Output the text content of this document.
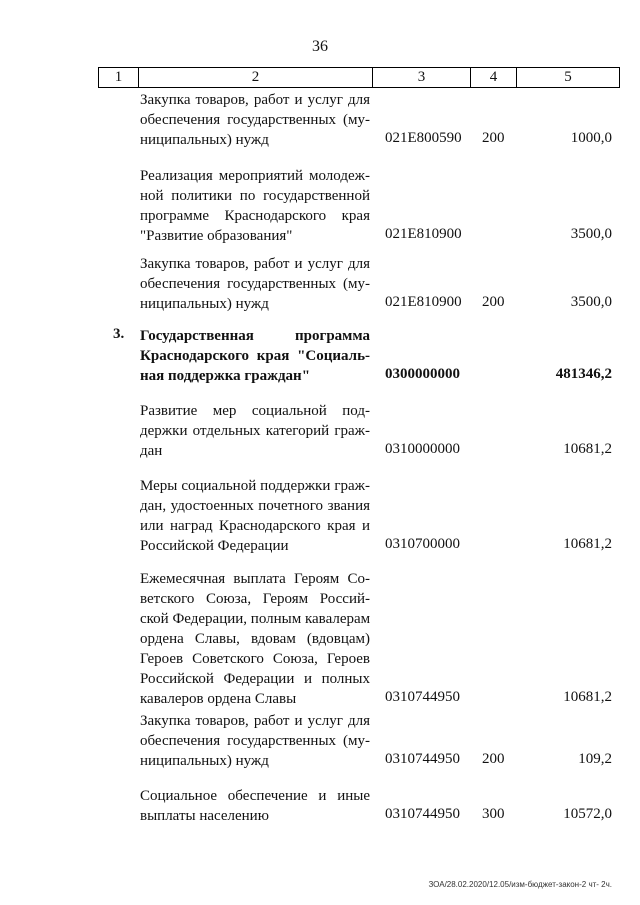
36
1	2	3	4	5
Закупка товаров, работ и услуг для
обеспечения государственных (му-
ниципальных) нужд	021E800590 200	1000,0
Реализация мероприятий молодеж-
ной политики по государственной
программе Краснодарского края
"Развитие образования"	021E810900	3500,0
Закупка товаров, работ и услуг для
обеспечения государственных (му-
ниципальных) нужд	021E810900 200	3500,0
3. Государственная программа
Краснодарского края "Социаль-
ная поддержка граждан"	0300000000	481346,2
Развитие мер социальной под-
держки отдельных категорий граж-
дан	0310000000	10681,2
Меры социальной поддержки граж-
дан, удостоенных почетного звания
или наград Краснодарского края и
Российской Федерации	0310700000	10681,2
Ежемесячная выплата Героям Со-
ветского Союза, Героям Россий-
ской Федерации, полным кавалерам
ордена Славы, вдовам (вдовцам)
Героев Советского Союза, Героев
Российской Федерации и полных
кавалеров ордена Славы	0310744950	10681,2
Закупка товаров, работ и услуг для
обеспечения государственных (му-
ниципальных) нужд	0310744950 200	109,2
Социальное обеспечение и иные
выплаты населению	0310744950 300	10572,0
ЗОА/28.02.2020/12.05/изм-бюджет-закон-2 чт- 2ч.
